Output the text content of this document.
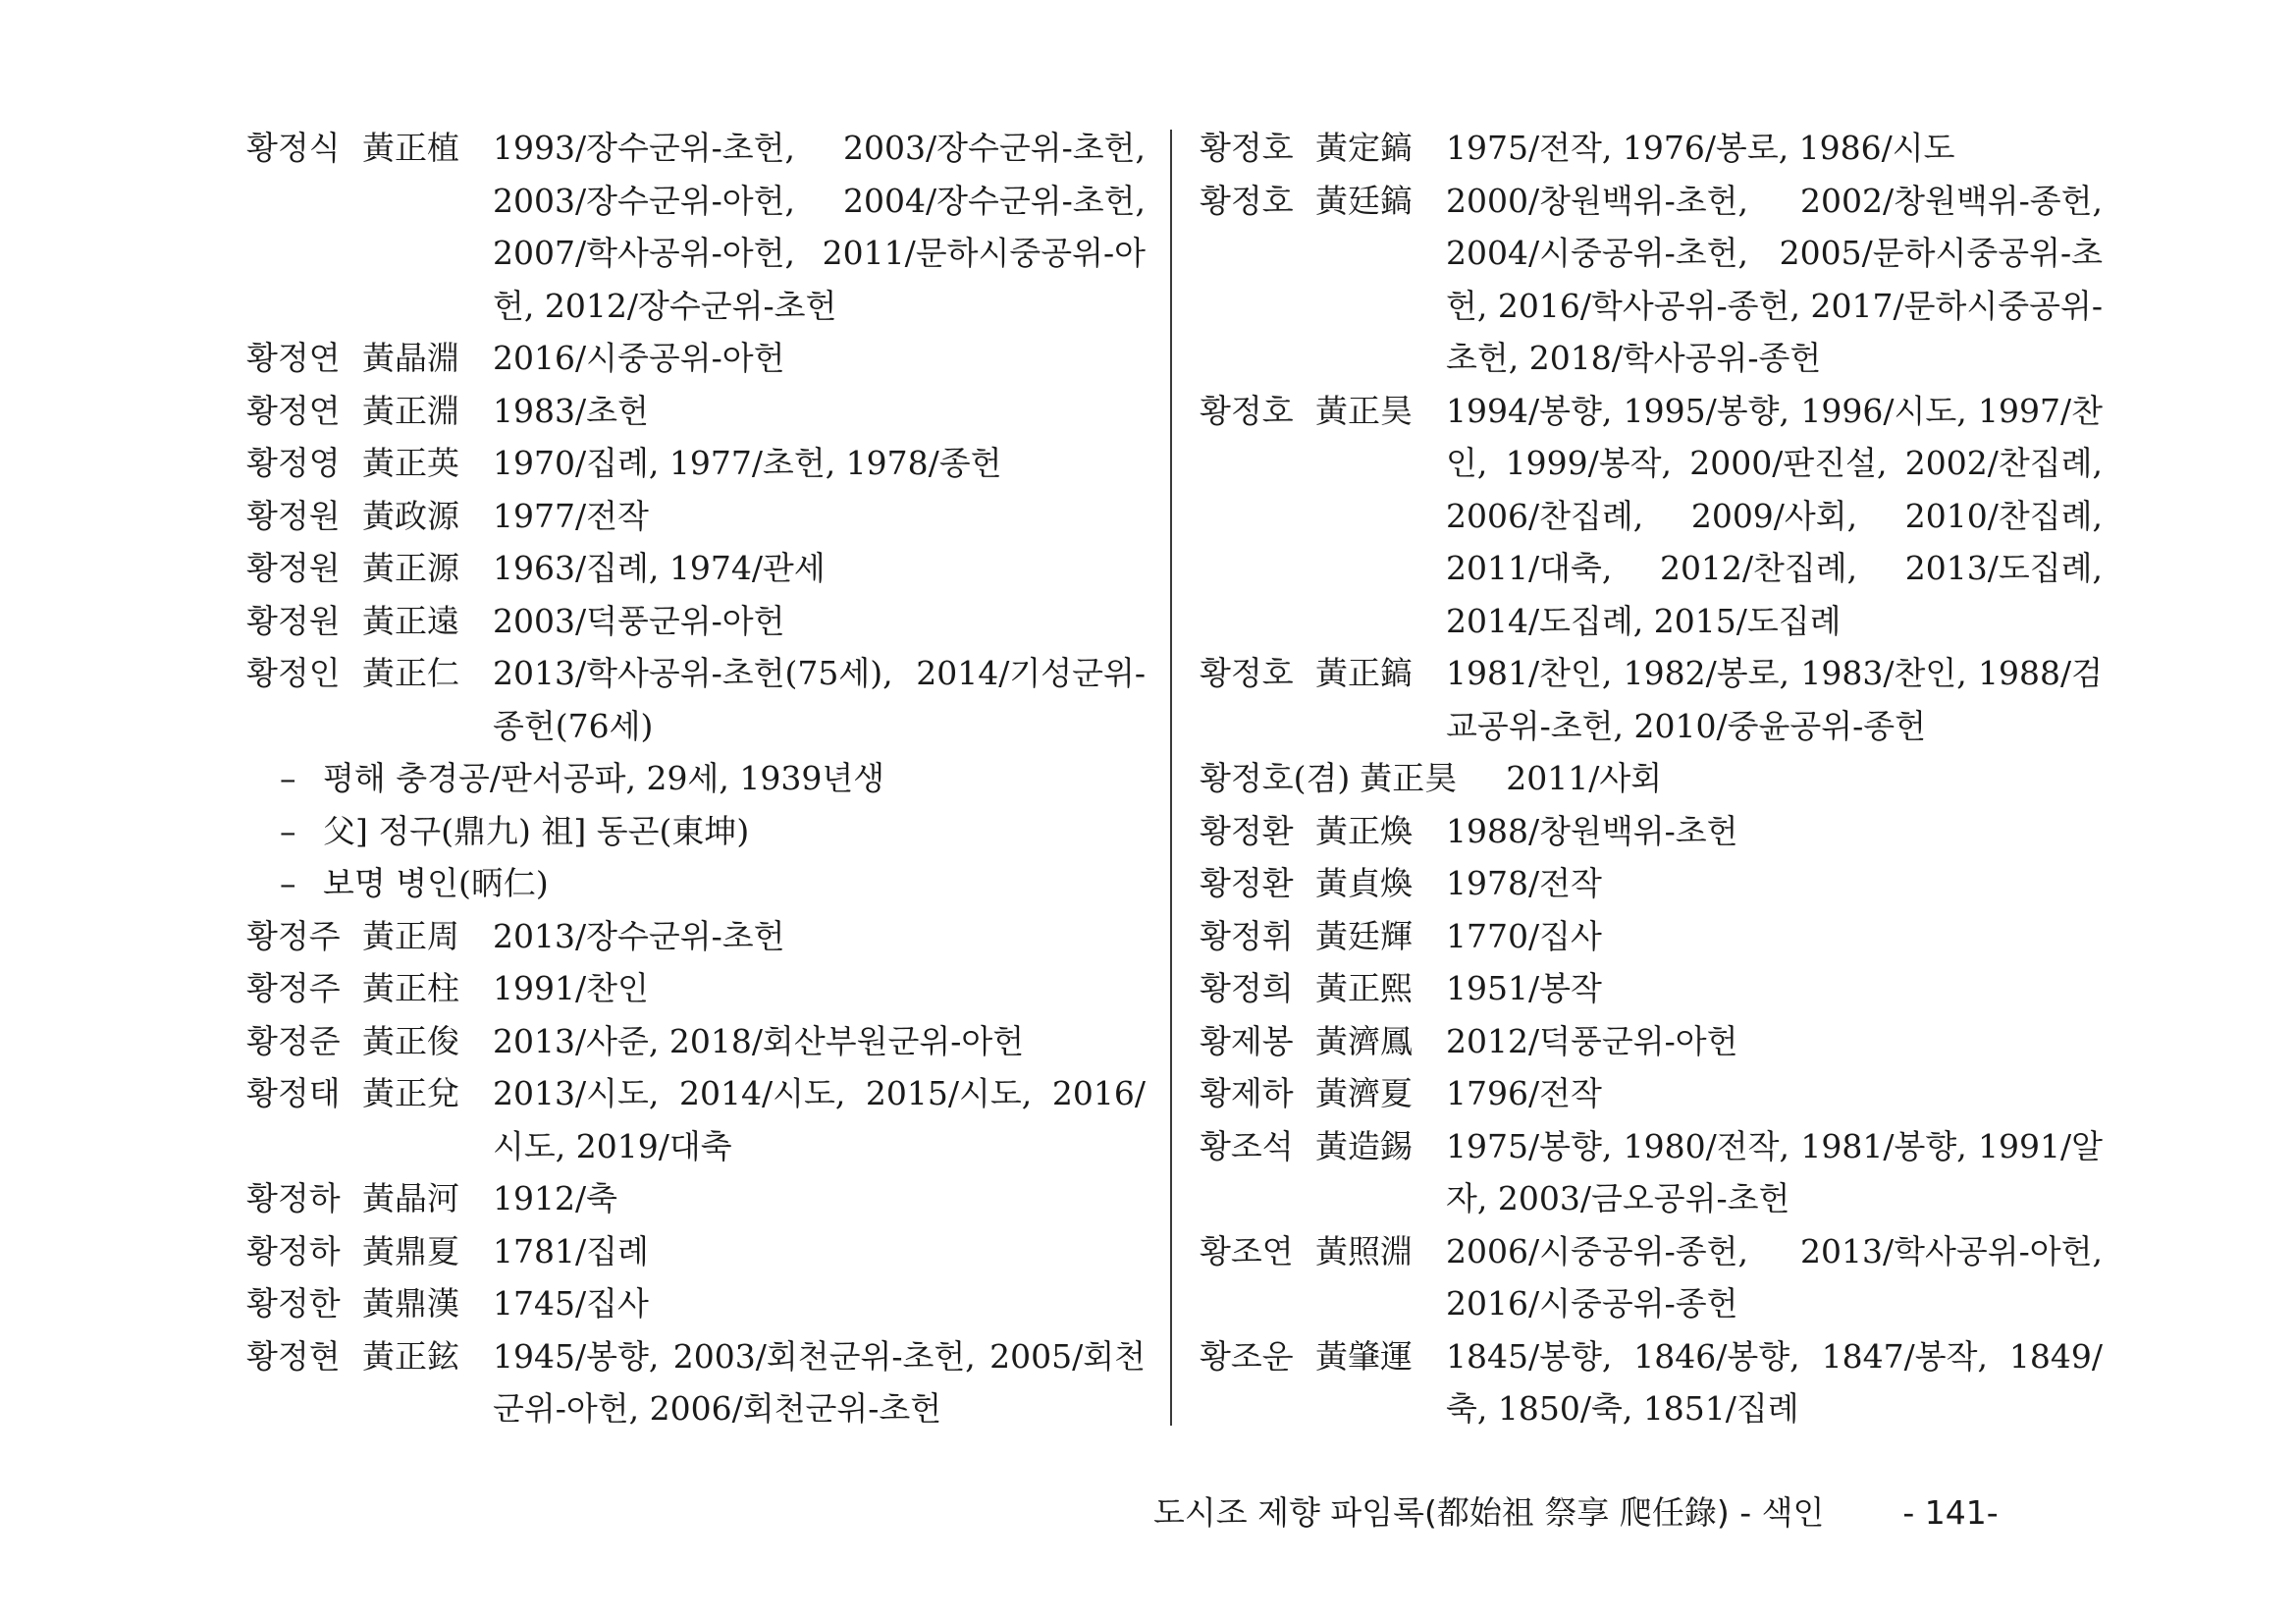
황정식 黃正植	1993/장수군위-초헌, 2003/장수군위-초헌, 2003/장수군위-아헌, 2004/장수군위-초헌, 2007/학사공위-아헌, 2011/문하시중공위-아헌, 2012/장수군위-초헌
황정연 黃晶淵	2016/시중공위-아헌
황정연 黃正淵	1983/초헌
황정영 黃正英	1970/집례, 1977/초헌, 1978/종헌
황정원 黃政源	1977/전작
황정원 黃正源	1963/집례, 1974/관세
황정원 黃正遠	2003/덕풍군위-아헌
황정인 黃正仁	2013/학사공위-초헌(75세), 2014/기성군위-종헌(76세)
– 평해 충경공/판서공파, 29세, 1939년생
– 父] 정구(鼎九) 祖] 동곤(東坤)
– 보명 병인(昞仁)
황정주 黃正周	2013/장수군위-초헌
황정주 黃正柱	1991/찬인
황정준 黃正俊	2013/사준, 2018/회산부원군위-아헌
황정태 黃正兌	2013/시도, 2014/시도, 2015/시도, 2016/시도, 2019/대축
황정하 黃晶河	1912/축
황정하 黃鼎夏	1781/집례
황정한 黃鼎漢	1745/집사
황정현 黃正鉉	1945/봉향, 2003/회천군위-초헌, 2005/회천군위-아헌, 2006/회천군위-초헌
황정호 黃定鎬	1975/전작, 1976/봉로, 1986/시도
황정호 黃廷鎬	2000/창원백위-초헌, 2002/창원백위-종헌, 2004/시중공위-초헌, 2005/문하시중공위-초헌, 2016/학사공위-종헌, 2017/문하시중공위-초헌, 2018/학사공위-종헌
황정호 黃正昊	1994/봉향, 1995/봉향, 1996/시도, 1997/찬인, 1999/봉작, 2000/판진설, 2002/찬집례, 2006/찬집례, 2009/사회, 2010/찬집례, 2011/대축, 2012/찬집례, 2013/도집례, 2014/도집례, 2015/도집례
황정호 黃正鎬	1981/찬인, 1982/봉로, 1983/찬인, 1988/검교공위-초헌, 2010/중윤공위-종헌
황정호(겸) 黃正昊 2011/사회
황정환 黃正煥	1988/창원백위-초헌
황정환 黃貞煥	1978/전작
황정휘 黃廷輝	1770/집사
황정희 黃正熙	1951/봉작
황제봉 黃濟鳳	2012/덕풍군위-아헌
황제하 黃濟夏	1796/전작
황조석 黃造錫	1975/봉향, 1980/전작, 1981/봉향, 1991/알자, 2003/금오공위-초헌
황조연 黃照淵	2006/시중공위-종헌, 2013/학사공위-아헌, 2016/시중공위-종헌
황조운 黃肇運	1845/봉향, 1846/봉향, 1847/봉작, 1849/축, 1850/축, 1851/집례
도시조 제향 파임록(都始祖 祭享 爬任錄) - 색인 - 141-
